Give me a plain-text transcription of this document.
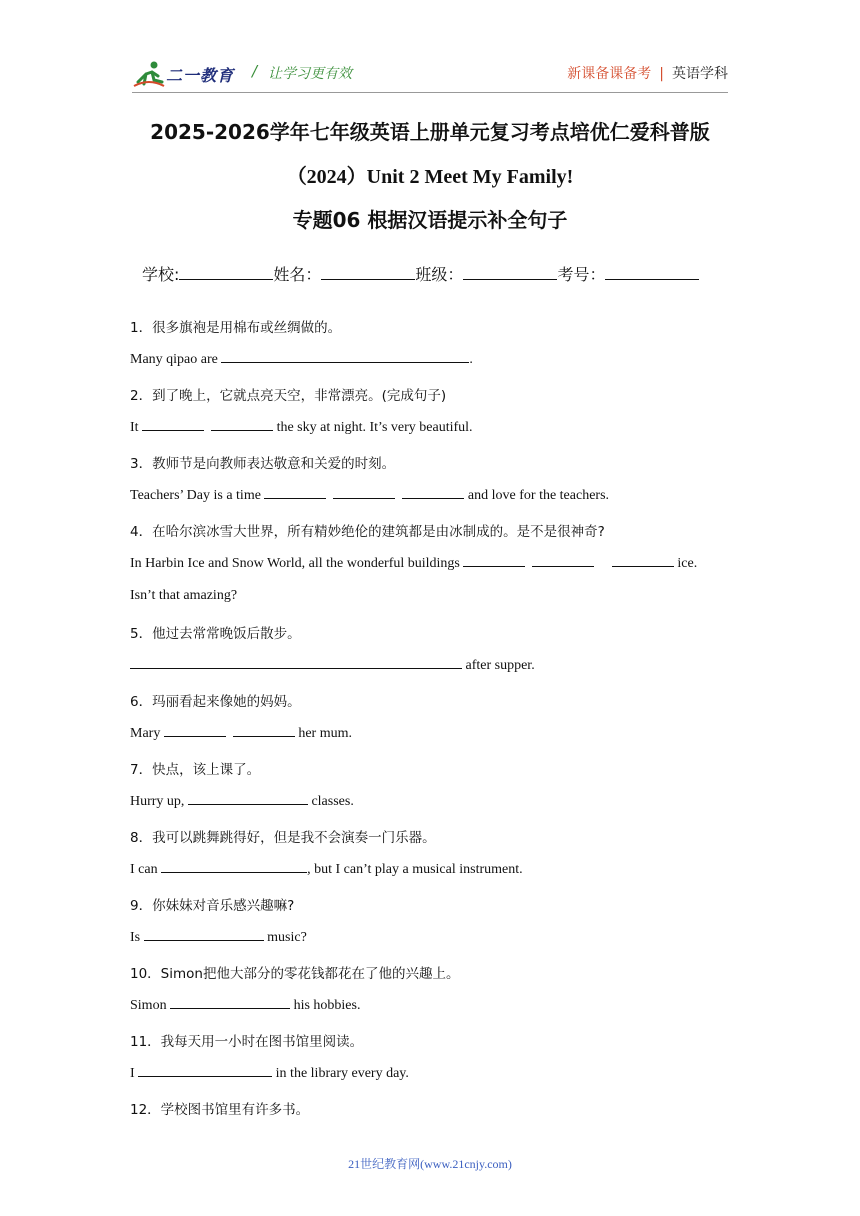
二一教育 / 让学习更有效	新课备课备考 | 英语学科
2025-2026学年七年级英语上册单元复习考点培优仁爱科普版
（2024）Unit 2 Meet My Family!
专题06 根据汉语提示补全句子
学校:	姓名：	班级：	考号：
1．很多旗袍是用棉布或丝绸做的。
Many qipao are	.
2．到了晚上，它就点亮天空，非常漂亮。(完成句子)
It	the sky at night. It’s very beautiful.
3．教师节是向教师表达敬意和关爱的时刻。
Teachers’ Day is a time	and love for the teachers.
4．在哈尔滨冰雪大世界，所有精妙绝伦的建筑都是由冰制成的。是不是很神奇?
In Harbin Ice and Snow World, all the wonderful buildings	ice.
Isn’t that amazing?
5．他过去常常晚饭后散步。
after supper.
6．玛丽看起来像她的妈妈。
Mary	her mum.
7．快点，该上课了。
Hurry up,	classes.
8．我可以跳舞跳得好，但是我不会演奏一门乐器。
I can	, but I can’t play a musical instrument.
9．你妹妹对音乐感兴趣嘛?
Is	music?
10．Simon把他大部分的零花钱都花在了他的兴趣上。
Simon	his hobbies.
11．我每天用一小时在图书馆里阅读。
I	in the library every day.
12．学校图书馆里有许多书。
21世纪教育网(www.21cnjy.com)
